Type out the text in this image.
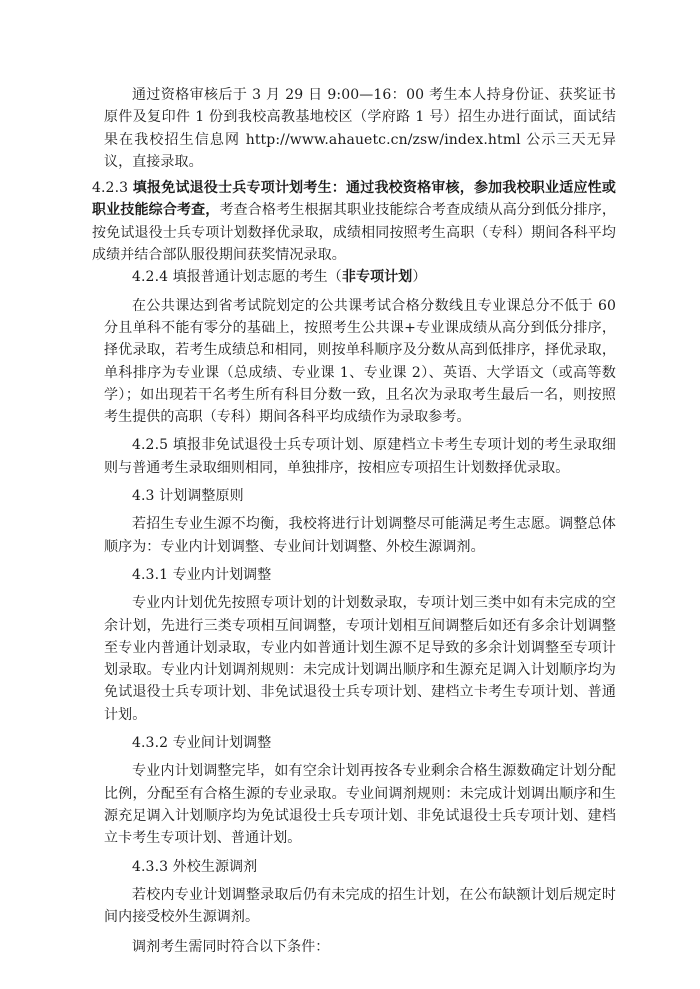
通过资格审核后于 3 月 29 日 9:00—16：00 考生本人持身份证、获奖证书原件及复印件 1 份到我校高教基地校区（学府路 1 号）招生办进行面试，面试结果在我校招生信息网 http://www.ahauetc.cn/zsw/index.html 公示三天无异议，直接录取。

4.2.3 填报免试退役士兵专项计划考生：通过我校资格审核，参加我校职业适应性或职业技能综合考查，考查合格考生根据其职业技能综合考查成绩从高分到低分排序，按免试退役士兵专项计划数择优录取，成绩相同按照考生高职（专科）期间各科平均成绩并结合部队服役期间获奖情况录取。

4.2.4 填报普通计划志愿的考生（非专项计划）

在公共课达到省考试院划定的公共课考试合格分数线且专业课总分不低于 60 分且单科不能有零分的基础上，按照考生公共课+专业课成绩从高分到低分排序，择优录取，若考生成绩总和相同，则按单科顺序及分数从高到低排序，择优录取，单科排序为专业课（总成绩、专业课 1、专业课 2）、英语、大学语文（或高等数学）；如出现若干名考生所有科目分数一致，且名次为录取考生最后一名，则按照考生提供的高职（专科）期间各科平均成绩作为录取参考。

4.2.5 填报非免试退役士兵专项计划、原建档立卡考生专项计划的考生录取细则与普通考生录取细则相同，单独排序，按相应专项招生计划数择优录取。

4.3 计划调整原则

若招生专业生源不均衡，我校将进行计划调整尽可能满足考生志愿。调整总体顺序为：专业内计划调整、专业间计划调整、外校生源调剂。

4.3.1 专业内计划调整

专业内计划优先按照专项计划的计划数录取，专项计划三类中如有未完成的空余计划，先进行三类专项相互间调整，专项计划相互间调整后如还有多余计划调整至专业内普通计划录取，专业内如普通计划生源不足导致的多余计划调整至专项计划录取。专业内计划调剂规则：未完成计划调出顺序和生源充足调入计划顺序均为免试退役士兵专项计划、非免试退役士兵专项计划、建档立卡考生专项计划、普通计划。

4.3.2 专业间计划调整

专业内计划调整完毕，如有空余计划再按各专业剩余合格生源数确定计划分配比例，分配至有合格生源的专业录取。专业间调剂规则：未完成计划调出顺序和生源充足调入计划顺序均为免试退役士兵专项计划、非免试退役士兵专项计划、建档立卡考生专项计划、普通计划。

4.3.3 外校生源调剂

若校内专业计划调整录取后仍有未完成的招生计划，在公布缺额计划后规定时间内接受校外生源调剂。

调剂考生需同时符合以下条件：
